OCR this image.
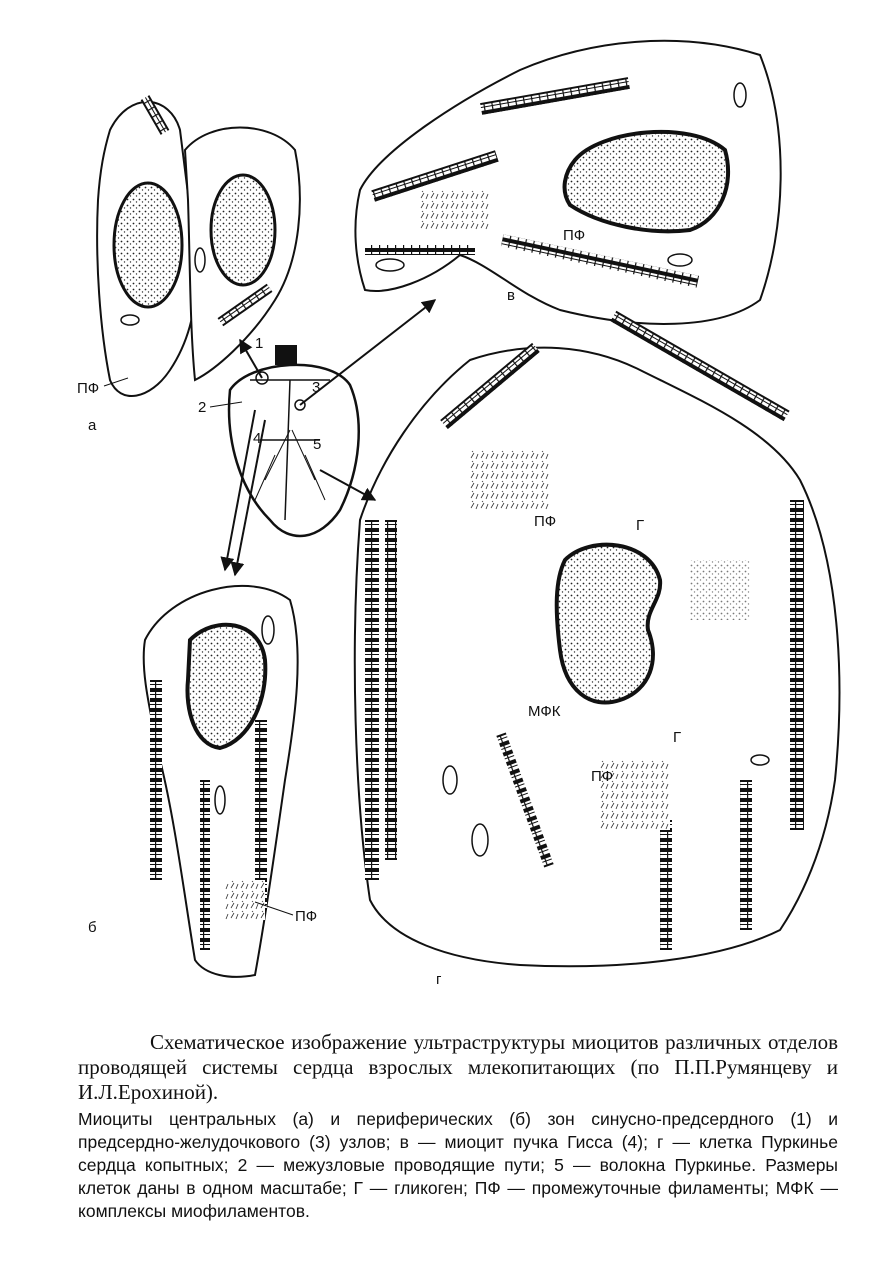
а
б
в
г
ПФ
ПФ
ПФ
ПФ
ПФ
Г
Г
МФК
1
2
3
4	5

Схематическое изображение ультраструктуры миоцитов различных отделов проводящей системы сердца взрослых млекопитающих (по П.П.Румянцеву и И.Л.Ерохиной).

Миоциты центральных (а) и периферических (б) зон синусно-предсердного (1) и предсердно-желудочкового (3) узлов; в — миоцит пучка Гисса (4); г — клетка Пуркинье сердца копытных; 2 — межузловые проводящие пути; 5 — волокна Пуркинье. Размеры клеток даны в одном масштабе; Г — гликоген; ПФ — промежуточные филаменты; МФК — комплексы миофиламентов.
